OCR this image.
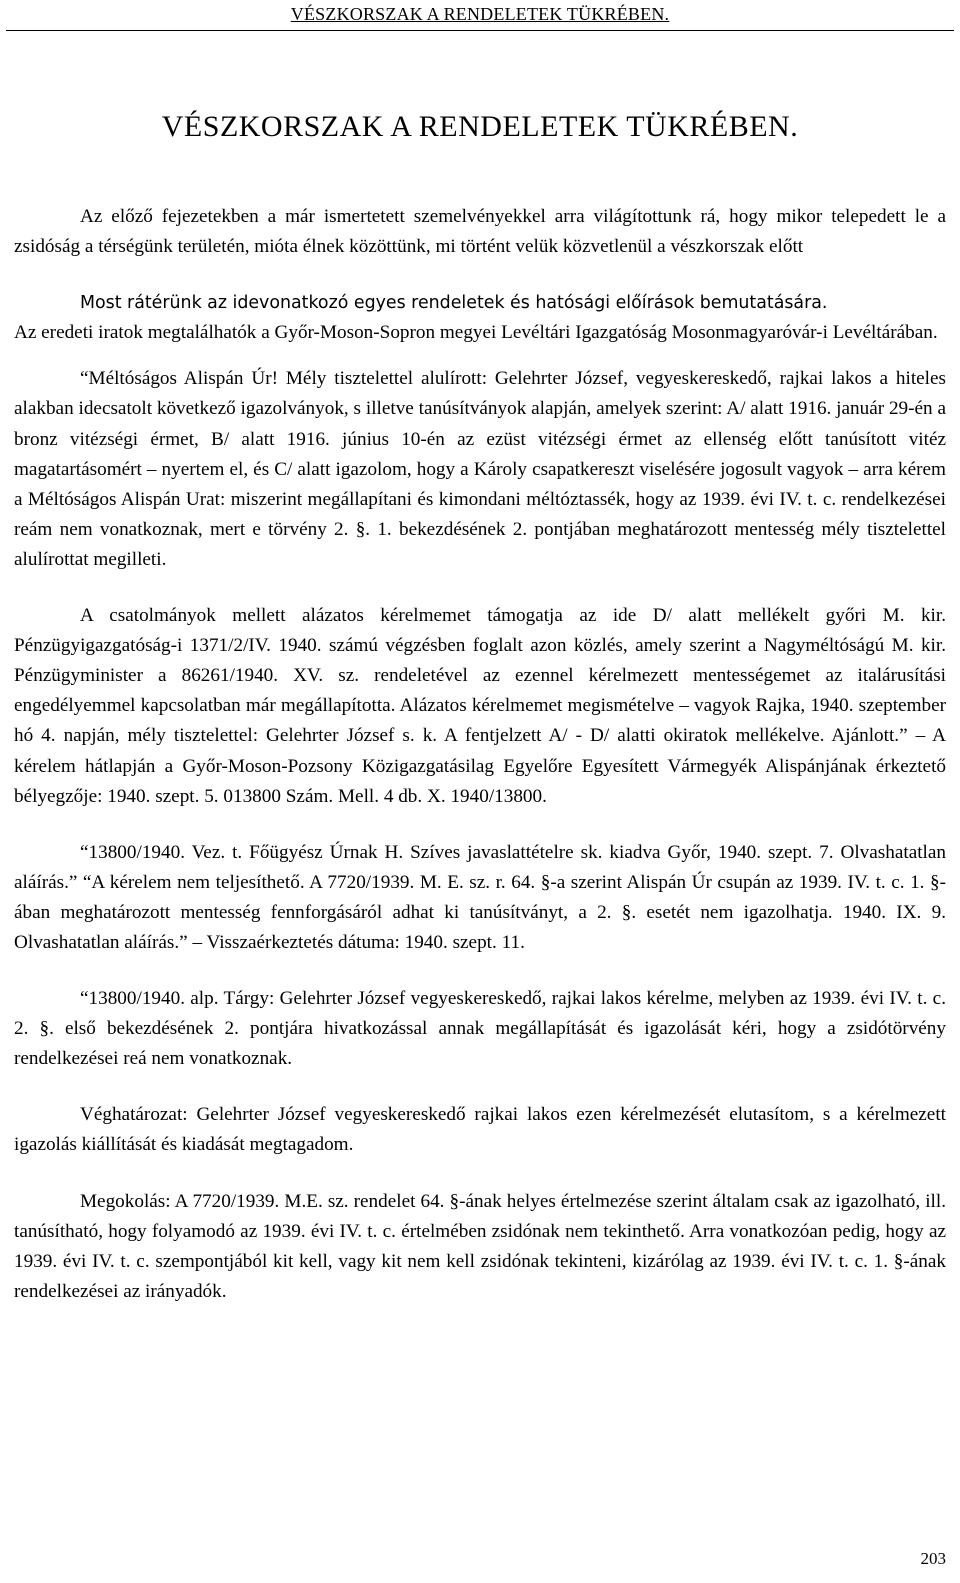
VÉSZKORSZAK A RENDELETEK TÜKRÉBEN.
VÉSZKORSZAK A RENDELETEK TÜKRÉBEN.

Az előző fejezetekben a már ismertetett szemelvényekkel arra világítottunk rá, hogy mikor telepedett le a zsidóság a térségünk területén, mióta élnek közöttünk, mi történt velük közvetlenül a vészkorszak előtt

Most rátérünk az idevonatkozó egyes rendeletek és hatósági előírások bemutatására.

Az eredeti iratok megtalálhatók a Győr-Moson-Sopron megyei Levéltári Igazgatóság Mosonmagyaróvár-i Levéltárában.

“Méltóságos Alispán Úr! Mély tisztelettel alulírott: Gelehrter József, vegyeskereskedő, rajkai lakos a hiteles alakban idecsatolt következő igazolványok, s illetve tanúsítványok alapján, amelyek szerint: A/ alatt 1916. január 29-én a bronz vitézségi érmet, B/ alatt 1916. június 10-én az ezüst vitézségi érmet az ellenség előtt tanúsított vitéz magatartásomért – nyertem el, és C/ alatt igazolom, hogy a Károly csapatkereszt viselésére jogosult vagyok – arra kérem a Méltóságos Alispán Urat: miszerint megállapítani és kimondani méltóztassék, hogy az 1939. évi IV. t. c. rendelkezései reám nem vonatkoznak, mert e törvény 2. §. 1. bekezdésének 2. pontjában meghatározott mentesség mély tisztelettel alulírottat megilleti.

A csatolmányok mellett alázatos kérelmemet támogatja az ide D/ alatt mellékelt győri M. kir. Pénzügyigazgatóság-i 1371/2/IV. 1940. számú végzésben foglalt azon közlés, amely szerint a Nagyméltóságú M. kir. Pénzügyminister a 86261/1940. XV. sz. rendeletével az ezennel kérelmezett mentességemet az italárusítási engedélyemmel kapcsolatban már megállapította. Alázatos kérelmemet megismételve – vagyok Rajka, 1940. szeptember hó 4. napján, mély tisztelettel: Gelehrter József s. k. A fentjelzett A/ - D/ alatti okiratok mellékelve. Ajánlott.” – A kérelem hátlapján a Győr-Moson-Pozsony Közigazgatásilag Egyelőre Egyesített Vármegyék Alispánjának érkeztető bélyegzője: 1940. szept. 5. 013800 Szám. Mell. 4 db. X. 1940/13800.

“13800/1940. Vez. t. Főügyész Úrnak H. Szíves javaslattételre sk. kiadva Győr, 1940. szept. 7. Olvashatatlan aláírás.” “A kérelem nem teljesíthető. A 7720/1939. M. E. sz. r. 64. §-a szerint Alispán Úr csupán az 1939. IV. t. c. 1. §-ában meghatározott mentesség fennforgásáról adhat ki tanúsítványt, a 2. §. esetét nem igazolhatja. 1940. IX. 9. Olvashatatlan aláírás.” – Visszaérkeztetés dátuma: 1940. szept. 11.

“13800/1940. alp. Tárgy: Gelehrter József vegyeskereskedő, rajkai lakos kérelme, melyben az 1939. évi IV. t. c. 2. §. első bekezdésének 2. pontjára hivatkozással annak megállapítását és igazolását kéri, hogy a zsidótörvény rendelkezései reá nem vonatkoznak.

Véghatározat: Gelehrter József vegyeskereskedő rajkai lakos ezen kérelmezését elutasítom, s a kérelmezett igazolás kiállítását és kiadását megtagadom.

Megokolás: A 7720/1939. M.E. sz. rendelet 64. §-ának helyes értelmezése szerint általam csak az igazolható, ill. tanúsítható, hogy folyamodó az 1939. évi IV. t. c. értelmében zsidónak nem tekinthető. Arra vonatkozóan pedig, hogy az 1939. évi IV. t. c. szempontjából kit kell, vagy kit nem kell zsidónak tekinteni, kizárólag az 1939. évi IV. t. c. 1. §-ának rendelkezései az irányadók.

203
